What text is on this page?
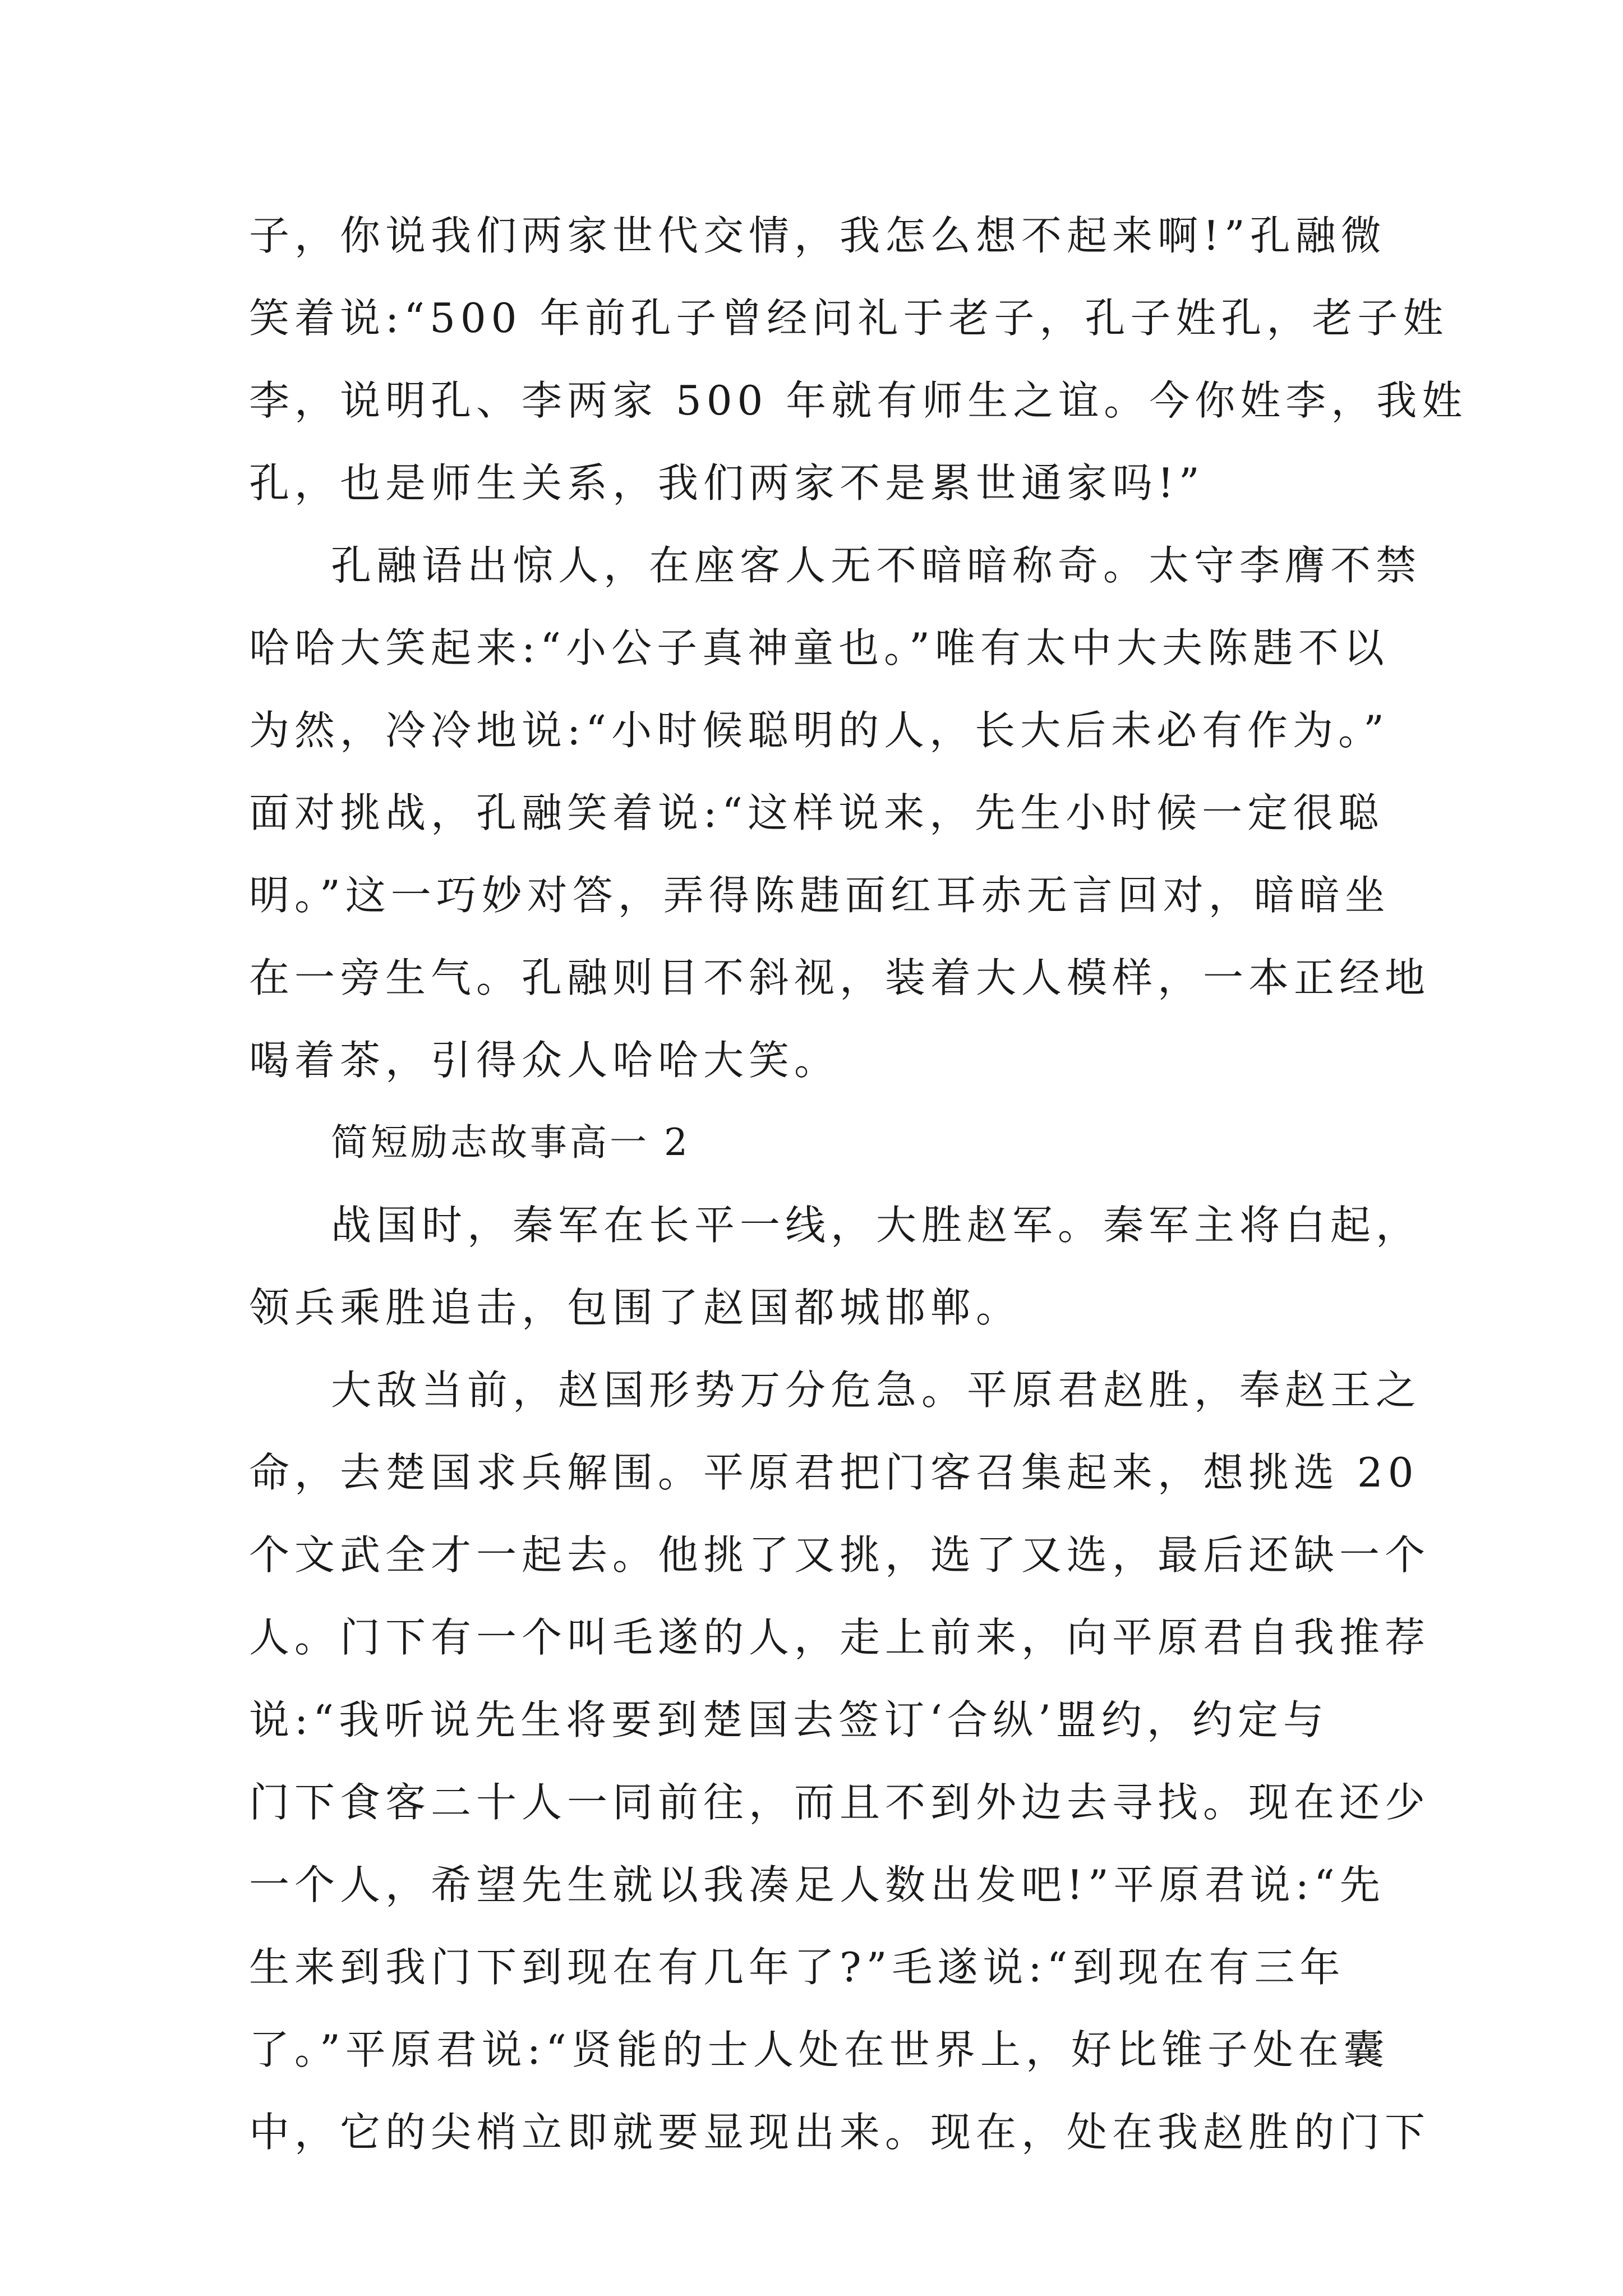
子，你说我们两家世代交情，我怎么想不起来啊!”孔融微

笑着说:“500 年前孔子曾经问礼于老子，孔子姓孔，老子姓

李，说明孔、李两家 500 年就有师生之谊。今你姓李，我姓

孔，也是师生关系，我们两家不是累世通家吗!”

孔融语出惊人，在座客人无不暗暗称奇。太守李膺不禁

哈哈大笑起来:“小公子真神童也。”唯有太中大夫陈韪不以

为然，冷冷地说:“小时候聪明的人，长大后未必有作为。”

面对挑战，孔融笑着说:“这样说来，先生小时候一定很聪

明。”这一巧妙对答，弄得陈韪面红耳赤无言回对，暗暗坐

在一旁生气。孔融则目不斜视，装着大人模样，一本正经地

喝着茶，引得众人哈哈大笑。

简短励志故事高一 2

战国时，秦军在长平一线，大胜赵军。秦军主将白起，

领兵乘胜追击，包围了赵国都城邯郸。

大敌当前，赵国形势万分危急。平原君赵胜，奉赵王之

命，去楚国求兵解围。平原君把门客召集起来，想挑选 20

个文武全才一起去。他挑了又挑，选了又选，最后还缺一个

人。门下有一个叫毛遂的人，走上前来，向平原君自我推荐

说:“我听说先生将要到楚国去签订‘合纵’盟约，约定与

门下食客二十人一同前往，而且不到外边去寻找。现在还少

一个人，希望先生就以我凑足人数出发吧!”平原君说:“先

生来到我门下到现在有几年了?”毛遂说:“到现在有三年

了。”平原君说:“贤能的士人处在世界上，好比锥子处在囊

中，它的尖梢立即就要显现出来。现在，处在我赵胜的门下
